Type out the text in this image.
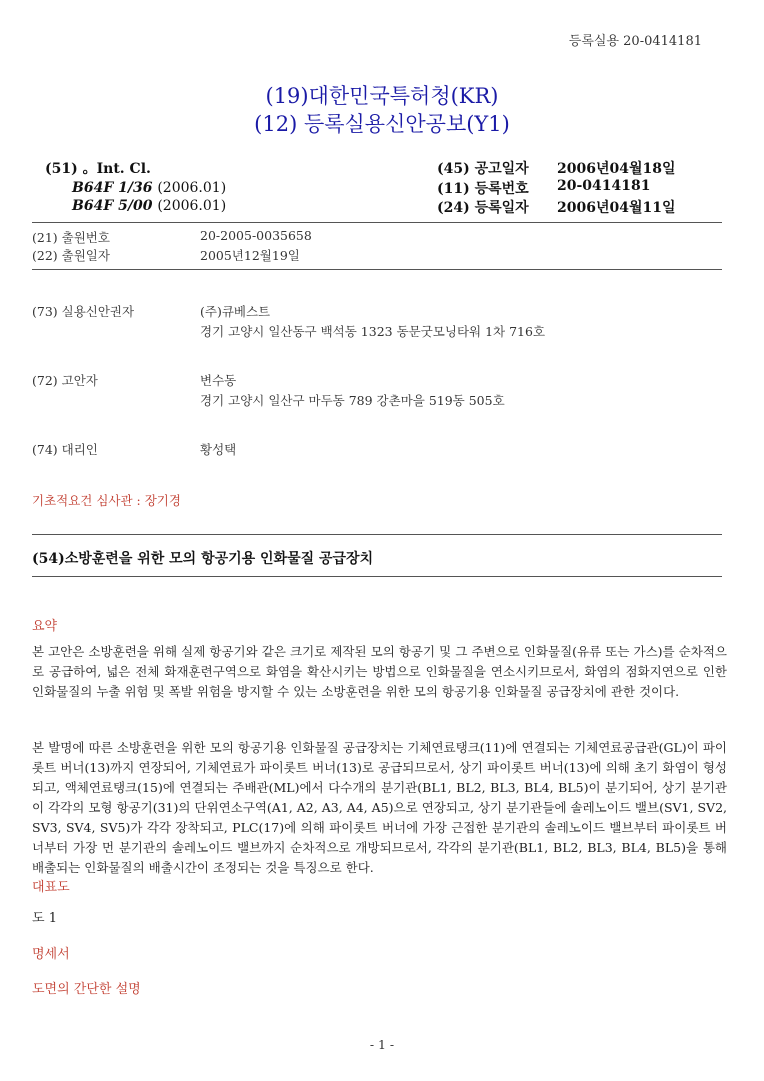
등록실용 20-0414181
(19)대한민국특허청(KR)
(12) 등록실용신안공보(Y1)
(51) 。Int. Cl.
B64F 1/36 (2006.01)
B64F 5/00 (2006.01)
(45) 공고일자 2006년04월18일
(11) 등록번호 20-0414181
(24) 등록일자 2006년04월11일
(21) 출원번호	20-2005-0035658
(22) 출원일자	2005년12월19일
(73) 실용신안권자	(주)큐베스트
경기 고양시 일산동구 백석동 1323 동문굿모닝타워 1차 716호
(72) 고안자	변수동
경기 고양시 일산구 마두동 789 강촌마을 519동 505호
(74) 대리인	황성택
기초적요건 심사관 : 장기경
(54)소방훈련을 위한 모의 항공기용 인화물질 공급장치
요약
본 고안은 소방훈련을 위해 실제 항공기와 같은 크기로 제작된 모의 항공기 및 그 주변으로 인화물질(유류 또는 가스)를 순차적으로 공급하여, 넓은 전체 화재훈련구역으로 화염을 확산시키는 방법으로 인화물질을 연소시키므로서, 화염의 점화지연으로 인한 인화물질의 누출 위험 및 폭발 위험을 방지할 수 있는 소방훈련을 위한 모의 항공기용 인화물질 공급장치에 관한 것이다.
본 발명에 따른 소방훈련을 위한 모의 항공기용 인화물질 공급장치는 기체연료탱크(11)에 연결되는 기체연료공급관(GL)이 파이롯트 버너(13)까지 연장되어, 기체연료가 파이롯트 버너(13)로 공급되므로서, 상기 파이롯트 버너(13)에 의해 초기 화염이 형성되고, 액체연료탱크(15)에 연결되는 주배관(ML)에서 다수개의 분기관(BL1, BL2, BL3, BL4, BL5)이 분기되어, 상기 분기관이 각각의 모형 항공기(31)의 단위연소구역(A1, A2, A3, A4, A5)으로 연장되고, 상기 분기관들에 솔레노이드 밸브(SV1, SV2, SV3, SV4, SV5)가 각각 장착되고, PLC(17)에 의해 파이롯트 버너에 가장 근접한 분기관의 솔레노이드 밸브부터 파이롯트 버너부터 가장 먼 분기관의 솔레노이드 밸브까지 순차적으로 개방되므로서, 각각의 분기관(BL1, BL2, BL3, BL4, BL5)을 통해 배출되는 인화물질의 배출시간이 조정되는 것을 특징으로 한다.
대표도
도 1
명세서
도면의 간단한 설명
- 1 -
